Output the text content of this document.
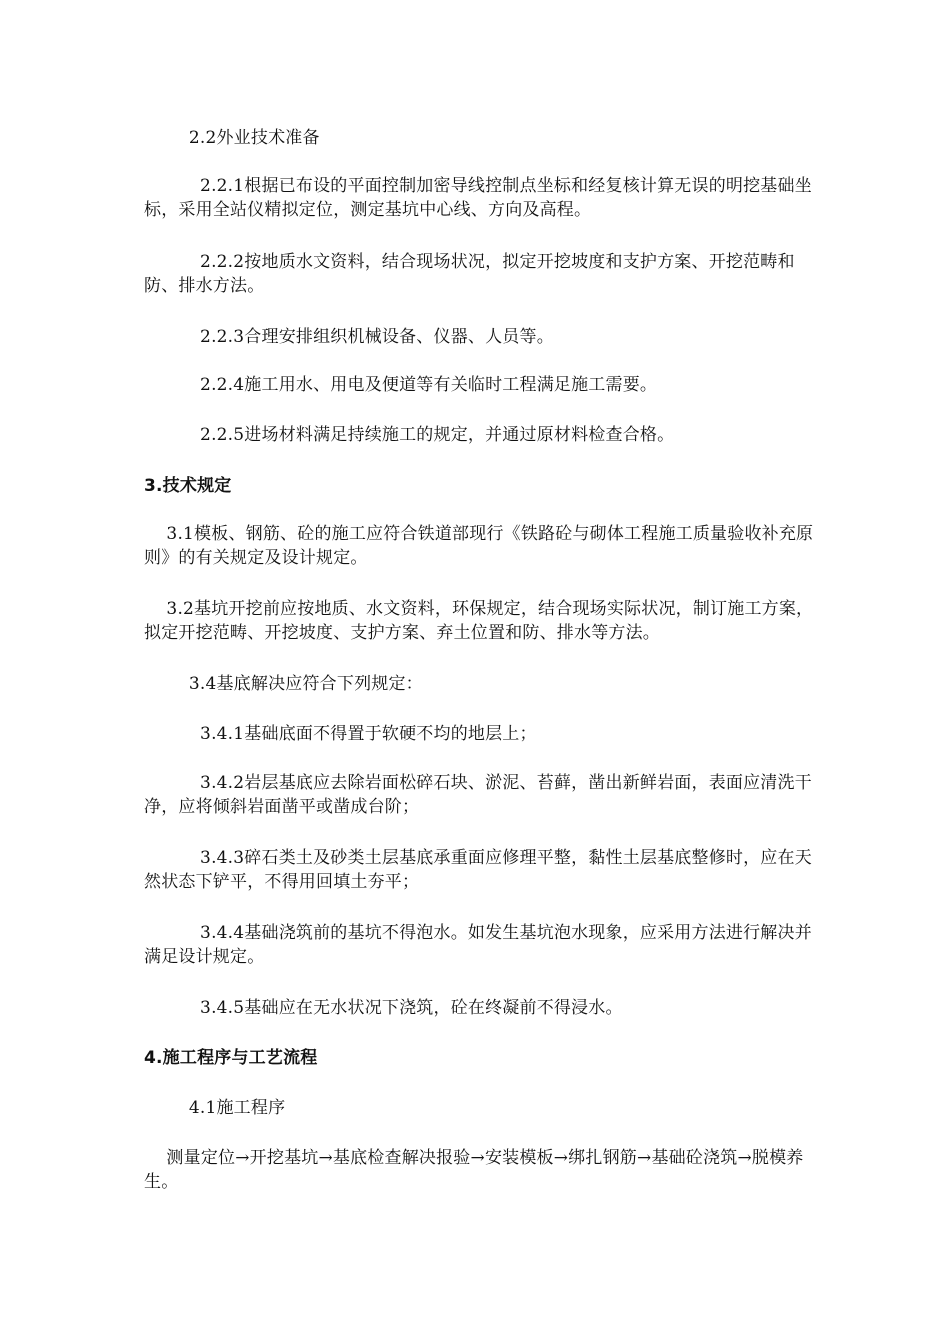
2.2外业技术准备

2.2.1根据已布设的平面控制加密导线控制点坐标和经复核计算无误的明挖基础坐标，采用全站仪精拟定位，测定基坑中心线、方向及高程。

2.2.2按地质水文资料，结合现场状况，拟定开挖坡度和支护方案、开挖范畴和防、排水方法。

2.2.3合理安排组织机械设备、仪器、人员等。

2.2.4施工用水、用电及便道等有关临时工程满足施工需要。

2.2.5进场材料满足持续施工的规定，并通过原材料检查合格。

3.技术规定

3.1模板、钢筋、砼的施工应符合铁道部现行《铁路砼与砌体工程施工质量验收补充原则》的有关规定及设计规定。

3.2基坑开挖前应按地质、水文资料，环保规定，结合现场实际状况，制订施工方案，拟定开挖范畴、开挖坡度、支护方案、弃土位置和防、排水等方法。

3.4基底解决应符合下列规定：

3.4.1基础底面不得置于软硬不均的地层上；

3.4.2岩层基底应去除岩面松碎石块、淤泥、苔藓，凿出新鲜岩面，表面应清洗干净，应将倾斜岩面凿平或凿成台阶；

3.4.3碎石类土及砂类土层基底承重面应修理平整，黏性土层基底整修时，应在天然状态下铲平，不得用回填土夯平；

3.4.4基础浇筑前的基坑不得泡水。如发生基坑泡水现象，应采用方法进行解决并满足设计规定。

3.4.5基础应在无水状况下浇筑，砼在终凝前不得浸水。

4.施工程序与工艺流程

4.1施工程序

测量定位→开挖基坑→基底检查解决报验→安装模板→绑扎钢筋→基础砼浇筑→脱模养生。
